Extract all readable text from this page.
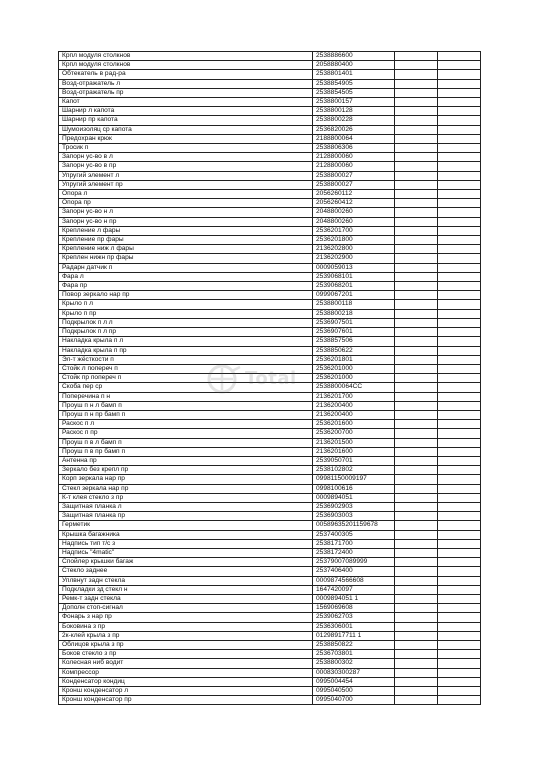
Крпл модуля столкнов	2538886600		
Крпл модуля столкнов	2058880400		
Обтекатель в рад-ра	2538801401		
Возд-отражатель л	2538854905		
Возд-отражатель пр	2538854505		
Капот	2538800157		
Шарнир л капота	2538800128		
Шарнир пр капота	2538800228		
Шумоизоляц ср капота	2536820026		
Предохран крюк	2188800064		
Тросик п	2538806306		
Запорн ус-во в л	2128800060		
Запорн ус-во в пр	2128800060		
Упругий элемент л	2538800027		
Упругий элемент пр	2538800027		
Опора л	2056260112		
Опора пр	2056260412		
Запорн ус-во н л	2048800260		
Запорн ус-во н пр	2048800260		
Крепление л фары	2536201700		
Крепление пр фары	2536201800		
Крепление ниж л фары	2136202800		
Креплен нижн пр фары	2136202900		
Радарн датчик п	0009059013		
Фара л	2539068101		
Фара пр	2539068201		
Повор зеркало нар пр	0999067201		
Крыло п л	2538800118		
Крыло п пр	2538800218		
Подкрылок п л л	2536907501		
Подкрылок п л пр	2536907601		
Накладка крыла п л	2538857506		
Накладка крыла п пр	2538850622		
Эл-т жёсткости п	2536201801		
Стойк л попереч п	2536201000		
Стойк пр попереч п	2536201000		
Скоба пер ср	2538800064CC		
Поперечина п н	2136201700		
Проуш п н л бамп п	2136200400		
Проуш п н пр бамп п	2136200400		
Раскос п л	2536201600		
Раскос п пр	2536200700		
Проуш п в л бамп п	2136201500		
Проуш п в пр бамп п	2136201600		
Антенна пр	2539050701		
Зеркало без крепл пр	2538102802		
Корп зеркала нар пр	09981150009197		
Стекл зеркала нар пр	0998100616		
К-т клея стекло з пр	0009894051		
Защитная планка л	2536902903		
Защитная планка пр	2536903003		
Герметик	00589635201159678		
Крышка багажника	2537400305		
Надпись тип т/с з	2538171700		
Надпись "4matic"	2538172400		
Спойлер крышки багаж	25379007089999		
Стекло заднее	2537406400		
Уплвнут задн стекла	0009874566608		
Подкладки зд стекл н	1647420097		
Ремк-т задн стекла	0009894051 1		
Дополн стоп-сигнал	1569069608		
Фонарь з нар пр	2539062703		
Боковина з пр	2536306001		
2к-клей крыла з пр	01298917711 1		
Облицов крыла з пр	2538850822		
Боков стекло з пр	2536703801		
Колесная ниб водит	2538800302		
Компрессор	000830300287		
Конденсатор кондиц	0995004454		
Кронш конденсатор л	0995040500		
Кронш конденсатор пр	0995040700		
Total
